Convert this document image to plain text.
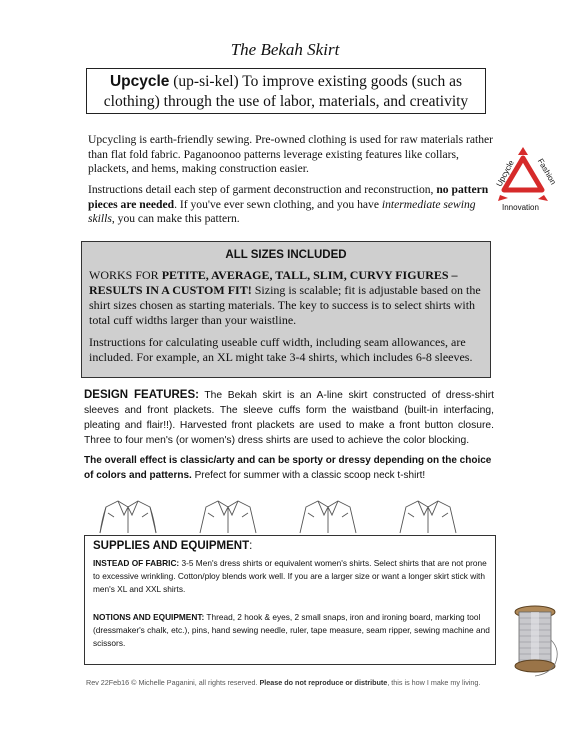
The Bekah Skirt
Upcycle (up-si-kel) To improve existing goods (such as clothing) through the use of labor, materials, and creativity
Upcycling is earth-friendly sewing. Pre-owned clothing is used for raw materials rather than flat fold fabric. Paganoonoo patterns leverage existing features like collars, plackets, and hems, making construction easier.
Instructions detail each step of garment deconstruction and reconstruction, no pattern pieces are needed. If you've ever sewn clothing, and you have intermediate sewing skills, you can make this pattern.
Upcycle Fashion
Innovation
ALL SIZES INCLUDED
WORKS FOR PETITE, AVERAGE, TALL, SLIM, CURVY FIGURES – RESULTS IN A CUSTOM FIT! Sizing is scalable; fit is adjustable based on the shirt sizes chosen as starting materials. The key to success is to select shirts with total cuff widths larger than your waistline.
Instructions for calculating useable cuff width, including seam allowances, are included. For example, an XL might take 3-4 shirts, which includes 6-8 sleeves.
DESIGN FEATURES: The Bekah skirt is an A-line skirt constructed of dress-shirt sleeves and front plackets. The sleeve cuffs form the waistband (built-in interfacing, pleating and flair!!). Harvested front plackets are used to make a front button closure. Three to four men's (or women's) dress shirts are used to achieve the color blocking.
The overall effect is classic/arty and can be sporty or dressy depending on the choice of colors and patterns. Prefect for summer with a classic scoop neck t-shirt!
SUPPLIES AND EQUIPMENT:
INSTEAD OF FABRIC: 3-5 Men's dress shirts or equivalent women's shirts. Select shirts that are not prone to excessive wrinkling. Cotton/ploy blends work well. If you are a larger size or want a longer skirt stick with men's XL and XXL shirts.
NOTIONS AND EQUIPMENT: Thread, 2 hook & eyes, 2 small snaps, iron and ironing board, marking tool (dressmaker's chalk, etc.), pins, hand sewing needle, ruler, tape measure, seam ripper, sewing machine and scissors.
Rev 22Feb16 © Michelle Paganini, all rights reserved. Please do not reproduce or distribute, this is how I make my living.
